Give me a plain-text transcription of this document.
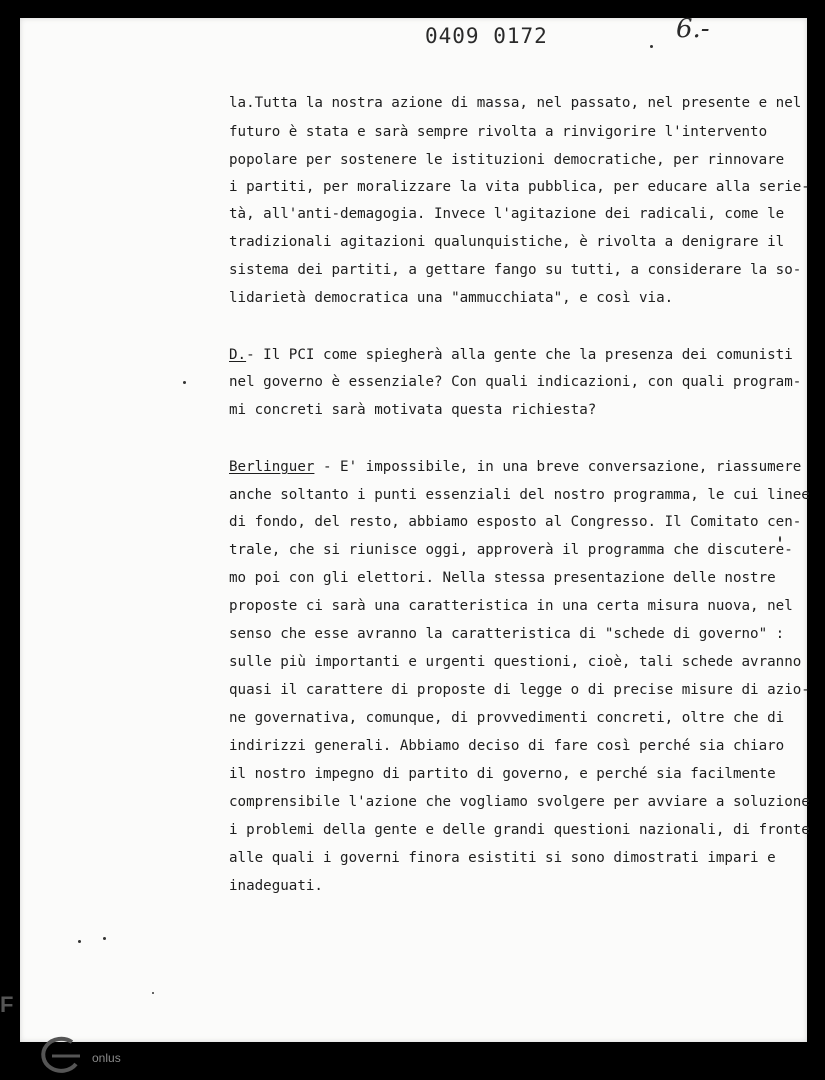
0409 0172	6.-
la.Tutta la nostra azione di massa, nel passato, nel presente e nel
futuro è stata e sarà sempre rivolta a rinvigorire l'intervento
popolare per sostenere le istituzioni democratiche, per rinnovare
i partiti, per moralizzare la vita pubblica, per educare alla serie-
tà, all'anti-demagogia. Invece l'agitazione dei radicali, come le
tradizionali agitazioni qualunquistiche, è rivolta a denigrare il
sistema dei partiti, a gettare fango su tutti, a considerare la so-
lidarietà democratica una "ammucchiata", e così via.
D.- Il PCI come spiegherà alla gente che la presenza dei comunisti
nel governo è essenziale? Con quali indicazioni, con quali program-
mi concreti sarà motivata questa richiesta?
Berlinguer - E' impossibile, in una breve conversazione, riassumere
anche soltanto i punti essenziali del nostro programma, le cui linee
di fondo, del resto, abbiamo esposto al Congresso. Il Comitato cen-
trale, che si riunisce oggi, approverà il programma che discutere-
mo poi con gli elettori. Nella stessa presentazione delle nostre
proposte ci sarà una caratteristica in una certa misura nuova, nel
senso che esse avranno la caratteristica di "schede di governo" :
sulle più importanti e urgenti questioni, cioè, tali schede avranno
quasi il carattere di proposte di legge o di precise misure di azio-
ne governativa, comunque, di provvedimenti concreti, oltre che di
indirizzi generali. Abbiamo deciso di fare così perché sia chiaro
il nostro impegno di partito di governo, e perché sia facilmente
comprensibile l'azione che vogliamo svolgere per avviare a soluzione
i problemi della gente e delle grandi questioni nazionali, di fronte
alle quali i governi finora esistiti si sono dimostrati impari e
inadeguati.
F
onlus
